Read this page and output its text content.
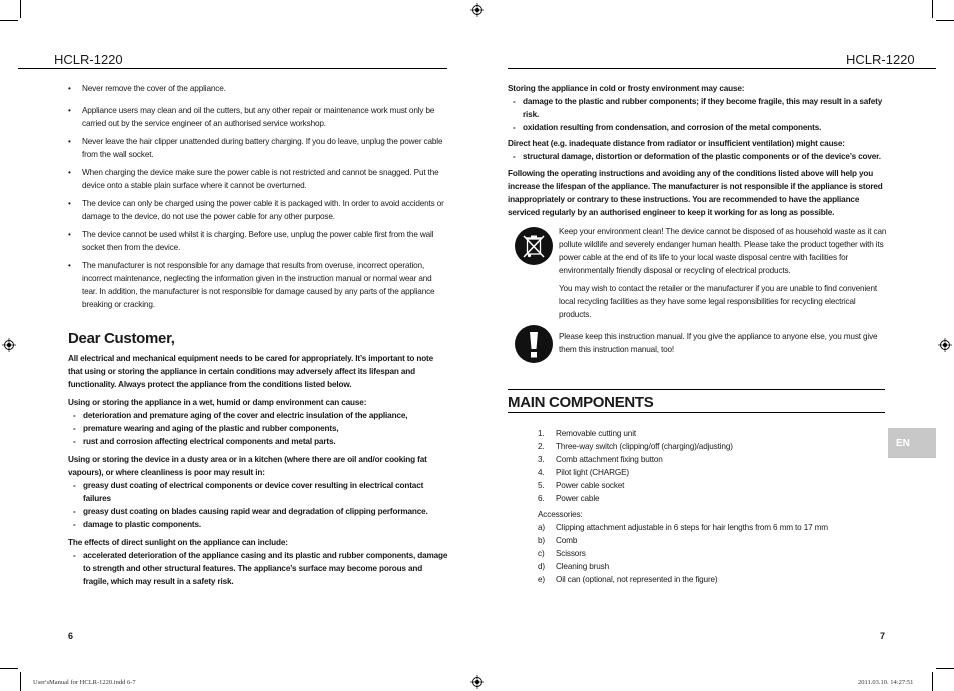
HCLR-1220	HCLR-1220
• Never remove the cover of the appliance.
• Appliance users may clean and oil the cutters, but any other repair or maintenance work must only be carried out by the service engineer of an authorised service workshop.
• Never leave the hair clipper unattended during battery charging. If you do leave, unplug the power cable from the wall socket.
• When charging the device make sure the power cable is not restricted and cannot be snagged. Put the device onto a stable plain surface where it cannot be overturned.
• The device can only be charged using the power cable it is packaged with. In order to avoid accidents or damage to the device, do not use the power cable for any other purpose.
• The device cannot be used whilst it is charging. Before use, unplug the power cable first from the wall socket then from the device.
• The manufacturer is not responsible for any damage that results from overuse, incorrect operation, incorrect maintenance, neglecting the information given in the instruction manual or normal wear and tear. In addition, the manufacturer is not responsible for damage caused by any parts of the appliance breaking or cracking.
Dear Customer,

All electrical and mechanical equipment needs to be cared for appropriately. It’s important to note that using or storing the appliance in certain conditions may adversely affect its lifespan and functionality. Always protect the appliance from the conditions listed below.

Using or storing the appliance in a wet, humid or damp environment can cause:

- deterioration and premature aging of the cover and electric insulation of the appliance,
- premature wearing and aging of the plastic and rubber components,
- rust and corrosion affecting electrical components and metal parts.

Using or storing the device in a dusty area or in a kitchen (where there are oil and/or cooking fat vapours), or where cleanliness is poor may result in:

- greasy dust coating of electrical components or device cover resulting in electrical contact failures
- greasy dust coating on blades causing rapid wear and degradation of clipping performance.
- damage to plastic components.

The effects of direct sunlight on the appliance can include:

- accelerated deterioration of the appliance casing and its plastic and rubber components, damage to strength and other structural features. The appliance’s surface may become porous and fragile, which may result in a safety risk.
6

Storing the appliance in cold or frosty environment may cause:

- damage to the plastic and rubber components; if they become fragile, this may result in a safety risk.
- oxidation resulting from condensation, and corrosion of the metal components.

Direct heat (e.g. inadequate distance from radiator or insufficient ventilation) might cause:

- structural damage, distortion or deformation of the plastic components or of the device’s cover.

Following the operating instructions and avoiding any of the conditions listed above will help you increase the lifespan of the appliance. The manufacturer is not responsible if the appliance is stored inappropriately or contrary to these instructions. You are recommended to have the appliance serviced regularly by an authorised engineer to keep it working for as long as possible.

Keep your environment clean! The device cannot be disposed of as household waste as it can pollute wildlife and severely endanger human health. Please take the product together with its power cable at the end of its life to your local waste disposal centre with facilities for environmentally friendly disposal or recycling of electrical products.

You may wish to contact the retailer or the manufacturer if you are unable to find convenient local recycling facilities as they have some legal responsibilities for recycling electrical products.

Please keep this instruction manual. If you give the appliance to anyone else, you must give them this instruction manual, too!
MAIN COMPONENTS
1.	Removable cutting unit
2.	Three-way switch (clipping/off (charging)/adjusting)
3.	Comb attachment fixing button
4.	Pilot light (CHARGE)
5.	Power cable socket
6.	Power cable

Accessories:

a)	Clipping attachment adjustable in 6 steps for hair lengths from 6 mm to 17 mm
b)	Comb
c)	Scissors
d)	Cleaning brush
e)	Oil can (optional, not represented in the figure)
EN
7
User'sManual for HCLR-1220.indd 6-7	2011.03.10. 14:27:51
